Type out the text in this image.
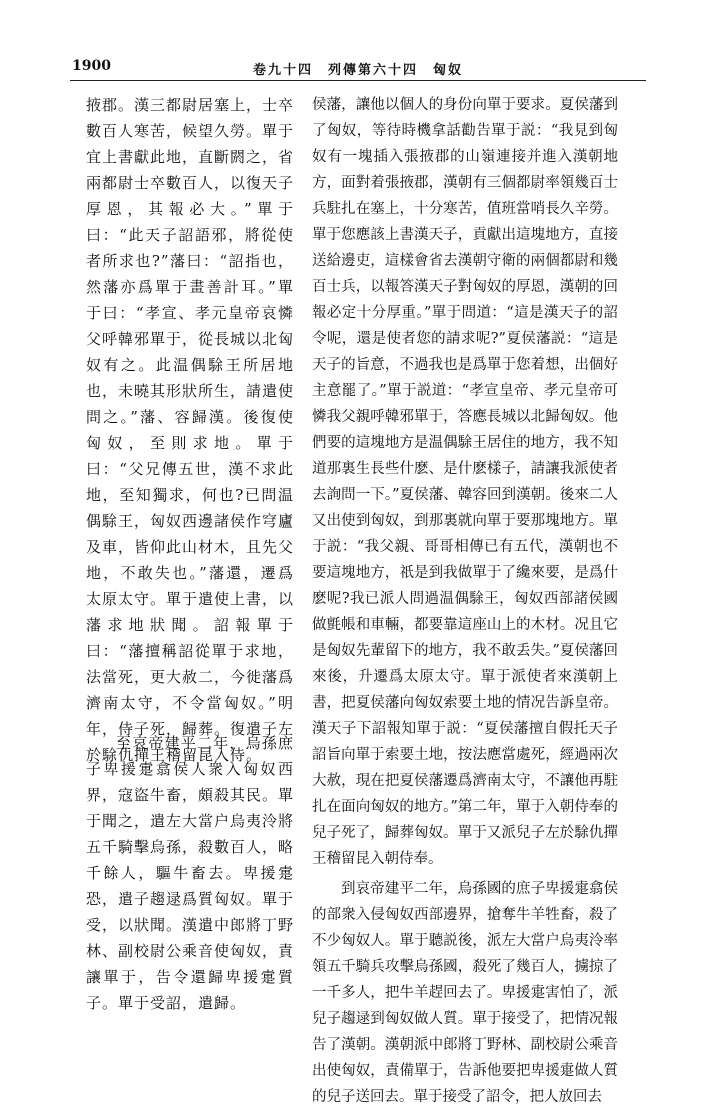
1900	卷九十四　列傳第六十四　匈奴

掖郡。漢三都尉居塞上，士卒數百人寒苦，候望久勞。單于宜上書獻此地，直斷閼之，省兩都尉士卒數百人，以復天子厚恩，其報必大。”單于曰：“此天子詔語邪，將從使者所求也?”藩曰：“詔指也，然藩亦爲單于畫善計耳。”單于曰：“孝宣、孝元皇帝哀憐父呼韓邪單于，從長城以北匈奴有之。此温偶駼王所居地也，未曉其形狀所生，請遣使問之。”藩、容歸漢。後復使匈奴，至則求地。單于曰：“父兄傳五世，漢不求此地，至知獨求，何也?已問温偶駼王，匈奴西邊諸侯作穹廬及車，皆仰此山材木，且先父地，不敢失也。”藩還，遷爲太原太守。單于遣使上書，以藩求地狀聞。詔報單于曰：“藩擅稱詔從單于求地，法當死，更大赦二，今徙藩爲濟南太守，不令當匈奴。”明年，侍子死，歸葬。復遣子左於駼仇撣王稽留昆入侍。

至哀帝建平二年，烏孫庶子卑援疐翕侯人衆入匈奴西界，寇盜牛畜，頗殺其民。單于聞之，遣左大當户烏夷泠將五千騎擊烏孫，殺數百人，略千餘人，驅牛畜去。卑援疐恐，遣子趨逯爲質匈奴。單于受，以狀聞。漢遣中郎將丁野林、副校尉公乘音使匈奴，責讓單于，告令還歸卑援疐質子。單于受詔，遣歸。

侯藩，讓他以個人的身份向單于要求。夏侯藩到了匈奴，等待時機拿話勸告單于説：“我見到匈奴有一塊插入張掖郡的山嶺連接并進入漢朝地方，面對着張掖郡，漢朝有三個都尉率領幾百士兵駐扎在塞上，十分寒苦，值班當哨長久辛勞。單于您應該上書漢天子，貢獻出這塊地方，直接送給邊吏，這樣會省去漢朝守衛的兩個都尉和幾百士兵，以報答漢天子對匈奴的厚恩，漢朝的回報必定十分厚重。”單于問道：“這是漢天子的詔令呢，還是使者您的請求呢?”夏侯藩説：“這是天子的旨意，不過我也是爲單于您着想，出個好主意罷了。”單于説道：“孝宣皇帝、孝元皇帝可憐我父親呼韓邪單于，答應長城以北歸匈奴。他們要的這塊地方是温偶駼王居住的地方，我不知道那裏生長些什麽、是什麽樣子，請讓我派使者去詢問一下。”夏侯藩、韓容回到漢朝。後來二人又出使到匈奴，到那裏就向單于要那塊地方。單于説：“我父親、哥哥相傳已有五代，漢朝也不要這塊地方，祇是到我做單于了纔來要，是爲什麽呢?我已派人問過温偶駼王，匈奴西部諸侯國做氈帳和車輛，都要靠這座山上的木材。况且它是匈奴先輩留下的地方，我不敢丢失。”夏侯藩回來後，升遷爲太原太守。單于派使者來漢朝上書，把夏侯藩向匈奴索要土地的情况告訴皇帝。漢天子下詔報知單于説：“夏侯藩擅自假托天子詔旨向單于索要土地，按法應當處死，經過兩次大赦，現在把夏侯藩遷爲濟南太守，不讓他再駐扎在面向匈奴的地方。”第二年，單于入朝侍奉的兒子死了，歸葬匈奴。單于又派兒子左於駼仇撣王稽留昆入朝侍奉。

到哀帝建平二年，烏孫國的庶子卑援疐翕侯的部衆入侵匈奴西部邊界，搶奪牛羊牲畜，殺了不少匈奴人。單于聽説後，派左大當户烏夷泠率領五千騎兵攻擊烏孫國，殺死了幾百人，擄掠了一千多人，把牛羊趕回去了。卑援疐害怕了，派兒子趨逯到匈奴做人質。單于接受了，把情况報告了漢朝。漢朝派中郎將丁野林、副校尉公乘音出使匈奴，責備單于，告訴他要把卑援疐做人質的兒子送回去。單于接受了詔令，把人放回去
